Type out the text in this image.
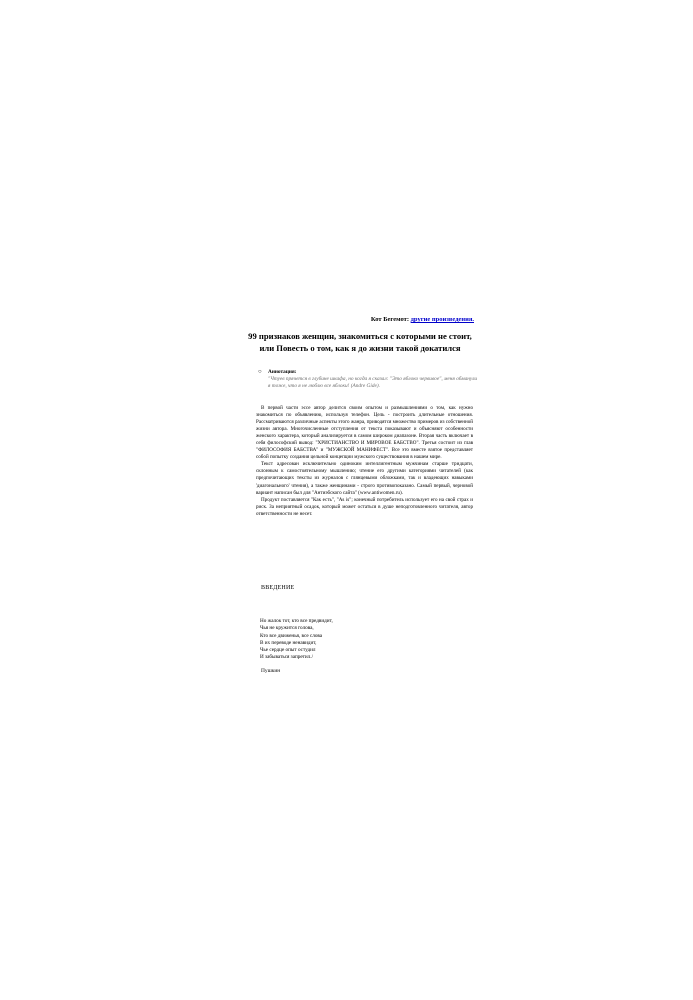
Кот Бегемот: другие произведения.
99 признаков женщин, знакомиться с которыми не стоит, или Повесть о том, как я до жизни такой докатился
○	Аннотация:
"Чтуев прячется в глубине шкафа, но когда я сказал: "Это яблоко червивое", меня обманули я тоже, что я не люблю все яблоки! (Andre Gide).

В первой части эссе автор делится своим опытом и размышлениями о том, как нужно знакомиться по объявлению, используя телефон. Цель - построить длительные отношения. Рассматриваются различные аспекты этого жанра, приводятся множество примеров из собственной жизни автора. Многочисленные отступления от текста показывают и объясняют особенности женского характера, который анализируется в самом широком диапазоне. Вторая часть включает в себя философский вывод: "ХРИСТИАНСТВО И МИРОВОЕ БАБСТВО". Третья состоит из глав "ФИЛОСОФИЯ БАБСТВА" и "МУЖСКОЙ МАНИФЕСТ". Все это вместе взятое представляет собой попытку создания цельной концепции мужского существования в нашем мире.

Текст адресован исключительно одиноким интеллигентным мужчинам старше тридцати, склонным к самостоятельному мышлению; чтение его другими категориями читателей (как предпочитающих тексты из журналов с глянцевыми обложками, так и владеющих навыками 'диагонального' чтения), а также женщинами - строго противопоказано. Самый первый, черновой вариант написан был для "Антиэбского сайта" (www.antiwomen.ru).

Продукт поставляется "Как есть", "As is"; конечный потребитель использует его на свой страх и риск. За неприятный осадок, который может остаться в душе неподготовленного читателя, автор ответственности не несет.

ВВЕДЕНИЕ
Но жалок тот, кто все предвидит,
Чья не кружится голова,
Кто все движенья, все слова
В их переводе ненавидит,
Чье сердце опыт остудил
И забываться запретил./
Пушкин
